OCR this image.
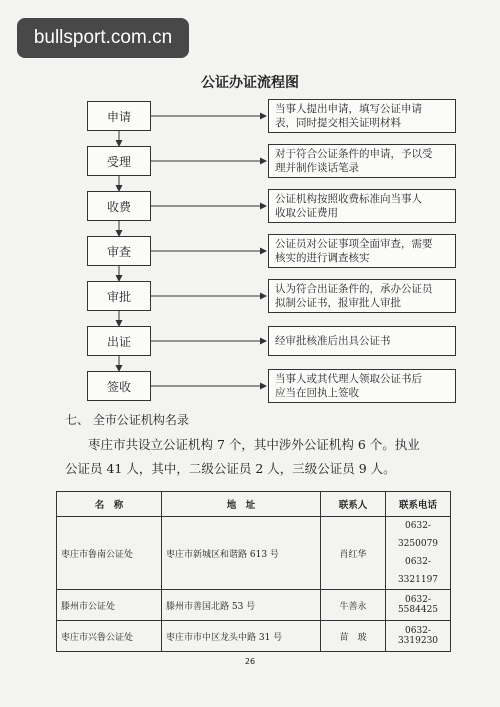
bullsport.com.cn
公证办证流程图
申请
当事人提出申请，填写公证申请
表，同时提交相关证明材料
受理
对于符合公证条件的申请，予以受
理并制作谈话笔录
收费
公证机构按照收费标准向当事人
收取公证费用
审查
公证员对公证事项全面审查，需要
核实的进行调查核实
审批
认为符合出证条件的，承办公证员
拟制公证书，报审批人审批
出证	经审批核准后出具公证书
签收
当事人或其代理人领取公证书后
应当在回执上签收
七、 全市公证机构名录
枣庄市共设立公证机构 7 个，其中涉外公证机构 6 个。执业
公证员 41 人，其中，二级公证员 2 人，三级公证员 9 人。
名　称	地　址	联系人	联系电话
枣庄市鲁南公证处	枣庄市新城区和谐路 613 号	肖红华	0632-3250079
0632-3321197

滕州市公证处	滕州市善国北路 53 号	牛善永	0632-5584425
枣庄市兴鲁公证处	枣庄市市中区龙头中路 31 号	苗　玻	0632-3319230
26
